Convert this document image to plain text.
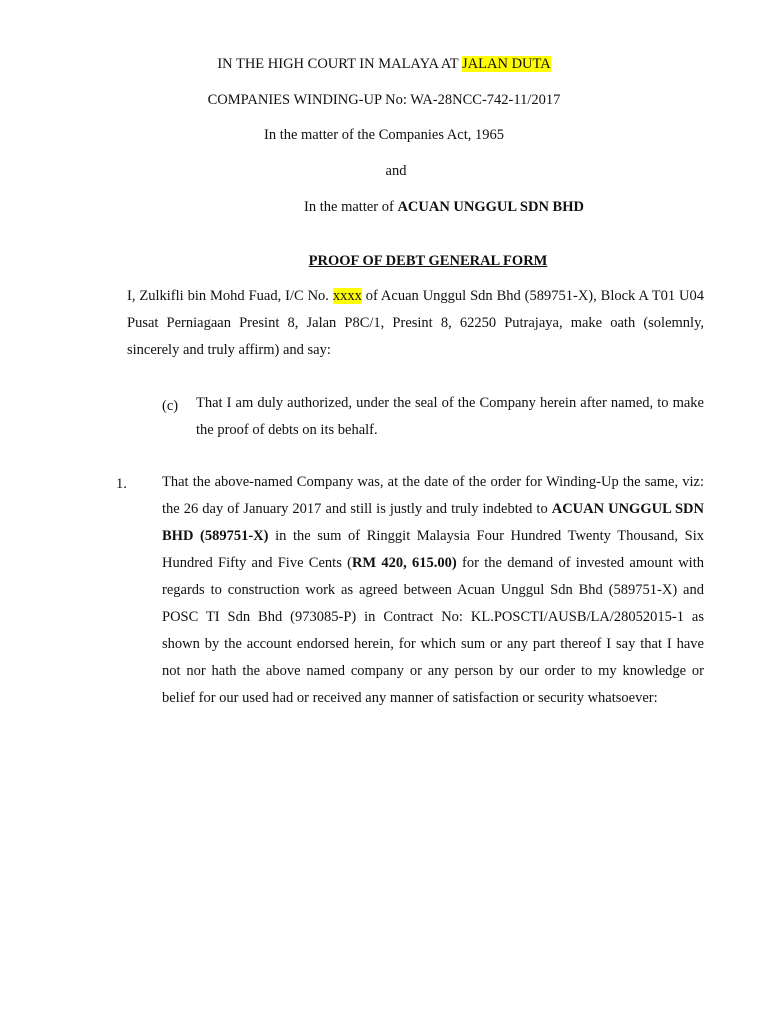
IN THE HIGH COURT IN MALAYA AT JALAN DUTA
COMPANIES WINDING-UP No: WA-28NCC-742-11/2017
In the matter of the Companies Act, 1965
and
In the matter of ACUAN UNGGUL SDN BHD
PROOF OF DEBT GENERAL FORM
I, Zulkifli bin Mohd Fuad, I/C No. xxxx of Acuan Unggul Sdn Bhd (589751-X), Block A T01 U04 Pusat Perniagaan Presint 8, Jalan P8C/1, Presint 8, 62250 Putrajaya, make oath (solemnly, sincerely and truly affirm) and say:
(c) That I am duly authorized, under the seal of the Company herein after named, to make the proof of debts on its behalf.
1. That the above-named Company was, at the date of the order for Winding-Up the same, viz: the 26 day of January 2017 and still is justly and truly indebted to ACUAN UNGGUL SDN BHD (589751-X) in the sum of Ringgit Malaysia Four Hundred Twenty Thousand, Six Hundred Fifty and Five Cents (RM 420, 615.00) for the demand of invested amount with regards to construction work as agreed between Acuan Unggul Sdn Bhd (589751-X) and POSC TI Sdn Bhd (973085-P) in Contract No: KL.POSCTI/AUSB/LA/28052015-1 as shown by the account endorsed herein, for which sum or any part thereof I say that I have not nor hath the above named company or any person by our order to my knowledge or belief for our used had or received any manner of satisfaction or security whatsoever:
